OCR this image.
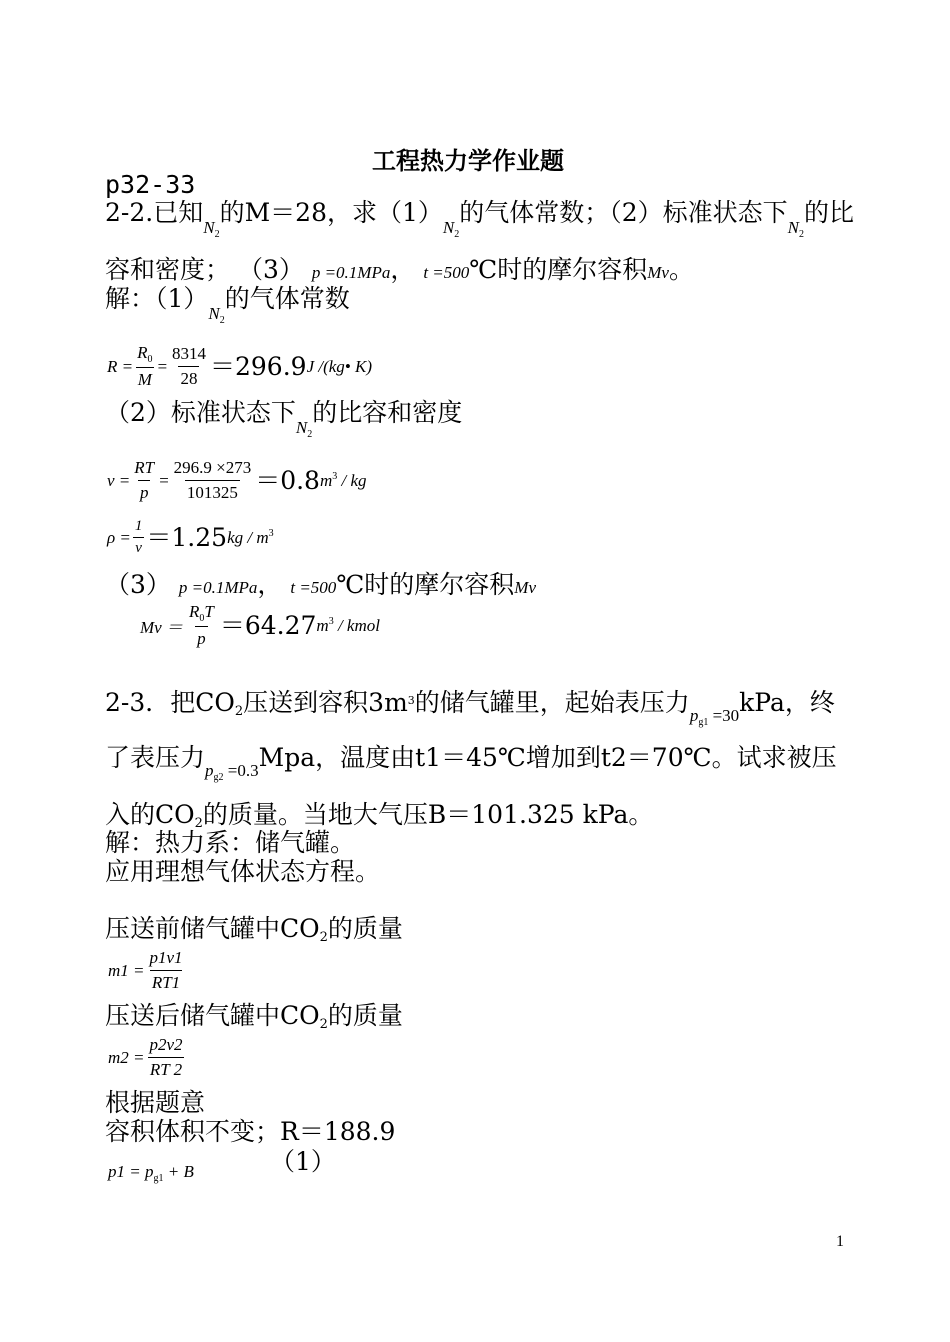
工程热力学作业题
p32-33
2-2.已知$_{N_2}$的M＝28，求$(1)_{N_2}$的气体常数；（2）标准状态下$_{N_2}$的比
容和密度； （3） p =0.1MPa， t =500℃时的摩尔容积Mv。
解：$(1)_{N_2}$的气体常数
$R = \frac{R_0}{M} = \frac{8314}{28} =296.9$ J /(kg• K)
（2）标准状态下$_{N_2}$的比容和密度
$v = \frac{RT}{p} = \frac{296.9 \times 273}{101325} =0.8$ $m^3$ / kg
$\rho = \frac{1}{v} =1.25$ kg / $m^3$
（3） p =0.1MPa， t =500℃时的摩尔容积Mv
$Mv = \frac{R_0T}{p} =64.27$ $m^3$ / kmol
2-3．把$CO_2$压送到容积$3m^3$的储气罐里，起始表压力$_{p_{g1} =30}$kPa，终
了表压力$_{p_{g2} =0.3}$Mpa，温度由t1＝45℃增加到t2＝70℃。试求被压
入的$CO_2$的质量。当地大气压B＝101.325 kPa。
解：热力系：储气罐。
应用理想气体状态方程。
压送前储气罐中$CO_2$的质量
$m1 = \frac{p1v1}{RT1}$
压送后储气罐中$CO_2$的质量
$m2 = \frac{p2v2}{RT 2}$
根据题意
容积体积不变；R＝188.9
$p1 = p_{g1} + B$	（1）
1
